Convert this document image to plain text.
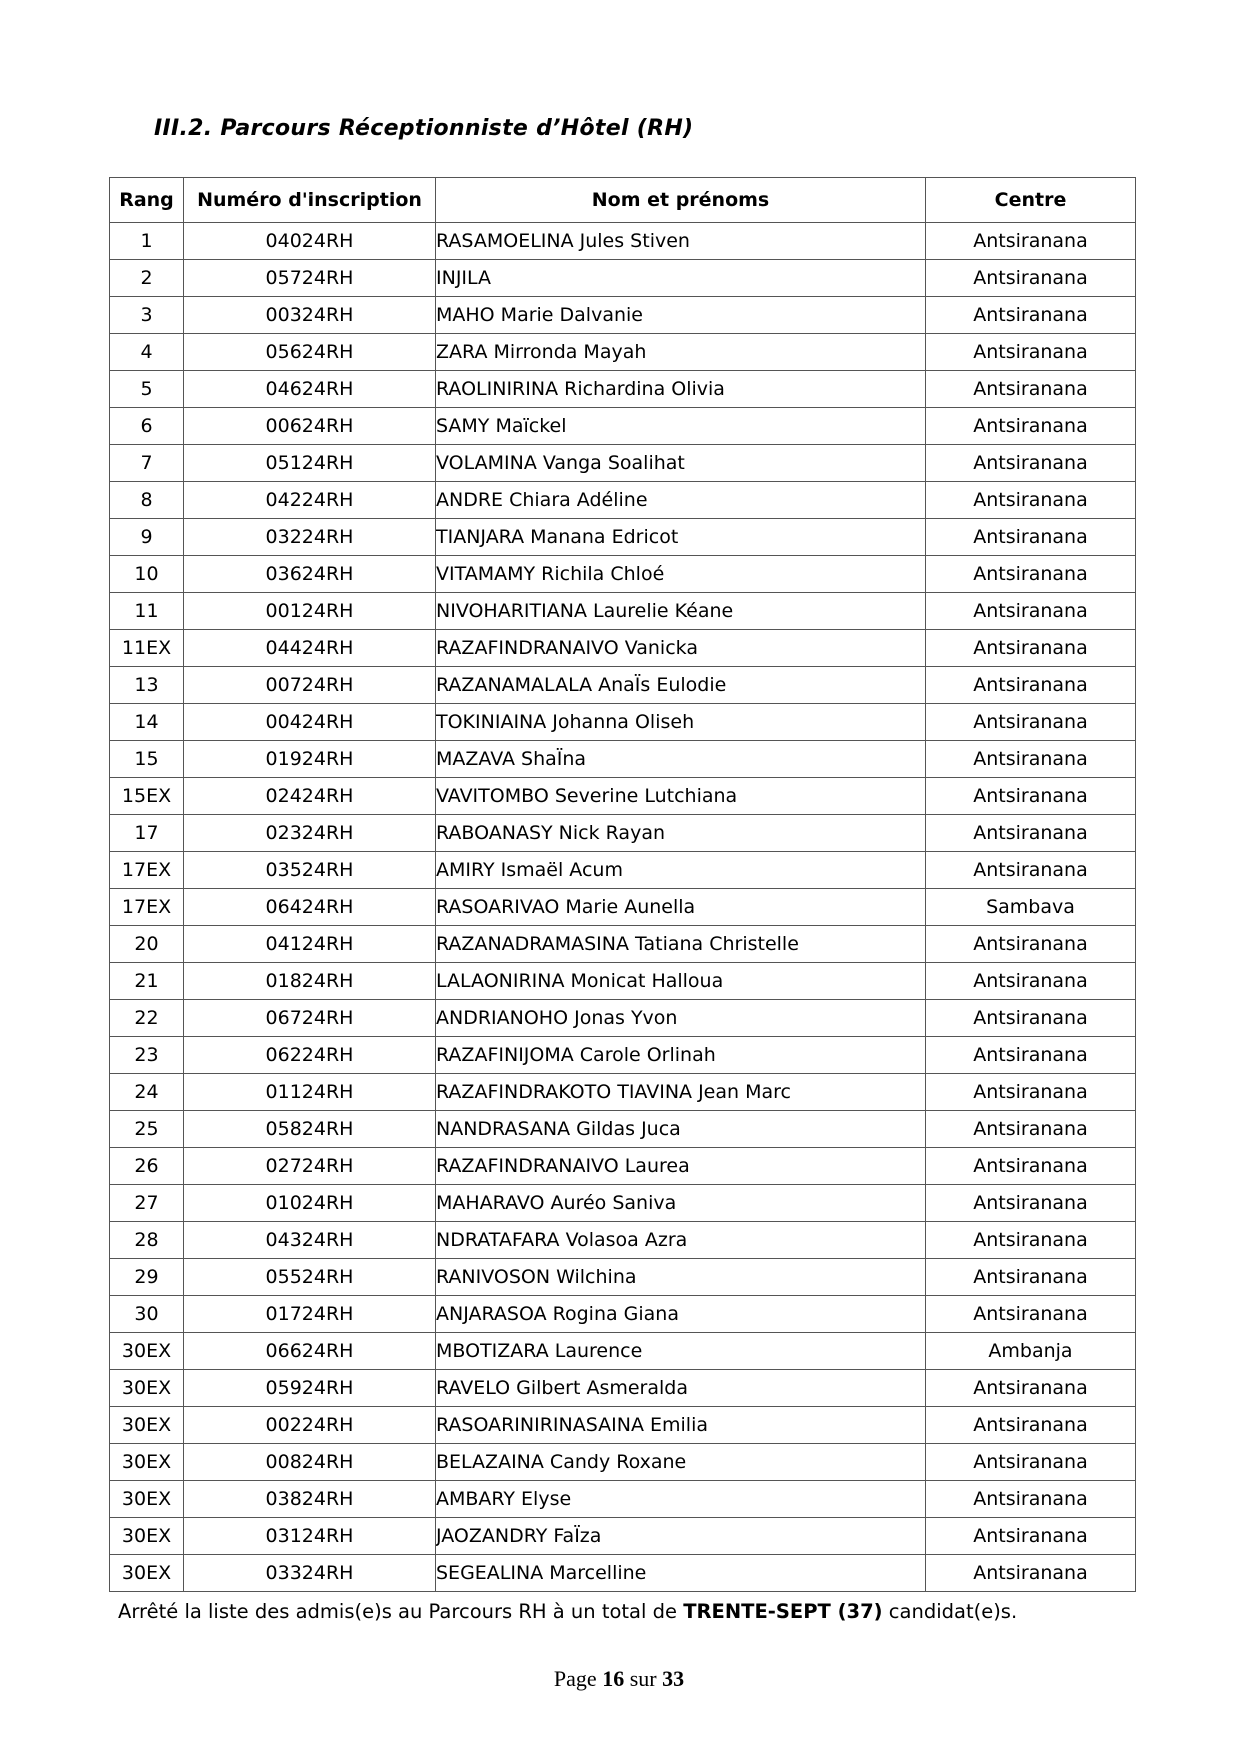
III.2. Parcours Réceptionniste d’Hôtel (RH)
Rang	Numéro d'inscription	Nom et prénoms	Centre
1	04024RH	RASAMOELINA Jules Stiven	Antsiranana
2	05724RH	INJILA	Antsiranana
3	00324RH	MAHO Marie Dalvanie	Antsiranana
4	05624RH	ZARA Mirronda Mayah	Antsiranana
5	04624RH	RAOLINIRINA Richardina Olivia	Antsiranana
6	00624RH	SAMY Maïckel	Antsiranana
7	05124RH	VOLAMINA Vanga Soalihat	Antsiranana
8	04224RH	ANDRE Chiara Adéline	Antsiranana
9	03224RH	TIANJARA Manana Edricot	Antsiranana
10	03624RH	VITAMAMY Richila Chloé	Antsiranana
11	00124RH	NIVOHARITIANA Laurelie Kéane	Antsiranana
11EX	04424RH	RAZAFINDRANAIVO Vanicka	Antsiranana
13	00724RH	RAZANAMALALA AnaÏs Eulodie	Antsiranana
14	00424RH	TOKINIAINA Johanna Oliseh	Antsiranana
15	01924RH	MAZAVA ShaÏna	Antsiranana
15EX	02424RH	VAVITOMBO Severine Lutchiana	Antsiranana
17	02324RH	RABOANASY Nick Rayan	Antsiranana
17EX	03524RH	AMIRY Ismaël Acum	Antsiranana
17EX	06424RH	RASOARIVAO Marie Aunella	Sambava
20	04124RH	RAZANADRAMASINA Tatiana Christelle	Antsiranana
21	01824RH	LALAONIRINA Monicat Halloua	Antsiranana
22	06724RH	ANDRIANOHO Jonas Yvon	Antsiranana
23	06224RH	RAZAFINIJOMA Carole Orlinah	Antsiranana
24	01124RH	RAZAFINDRAKOTO TIAVINA Jean Marc	Antsiranana
25	05824RH	NANDRASANA Gildas Juca	Antsiranana
26	02724RH	RAZAFINDRANAIVO Laurea	Antsiranana
27	01024RH	MAHARAVO Auréo Saniva	Antsiranana
28	04324RH	NDRATAFARA Volasoa Azra	Antsiranana
29	05524RH	RANIVOSON Wilchina	Antsiranana
30	01724RH	ANJARASOA Rogina Giana	Antsiranana
30EX	06624RH	MBOTIZARA Laurence	Ambanja
30EX	05924RH	RAVELO Gilbert Asmeralda	Antsiranana
30EX	00224RH	RASOARINIRINASAINA Emilia	Antsiranana
30EX	00824RH	BELAZAINA Candy Roxane	Antsiranana
30EX	03824RH	AMBARY Elyse	Antsiranana
30EX	03124RH	JAOZANDRY FaÏza	Antsiranana
30EX	03324RH	SEGEALINA Marcelline	Antsiranana
Arrêté la liste des admis(e)s au Parcours RH à un total de TRENTE-SEPT (37) candidat(e)s.
Page 16 sur 33
